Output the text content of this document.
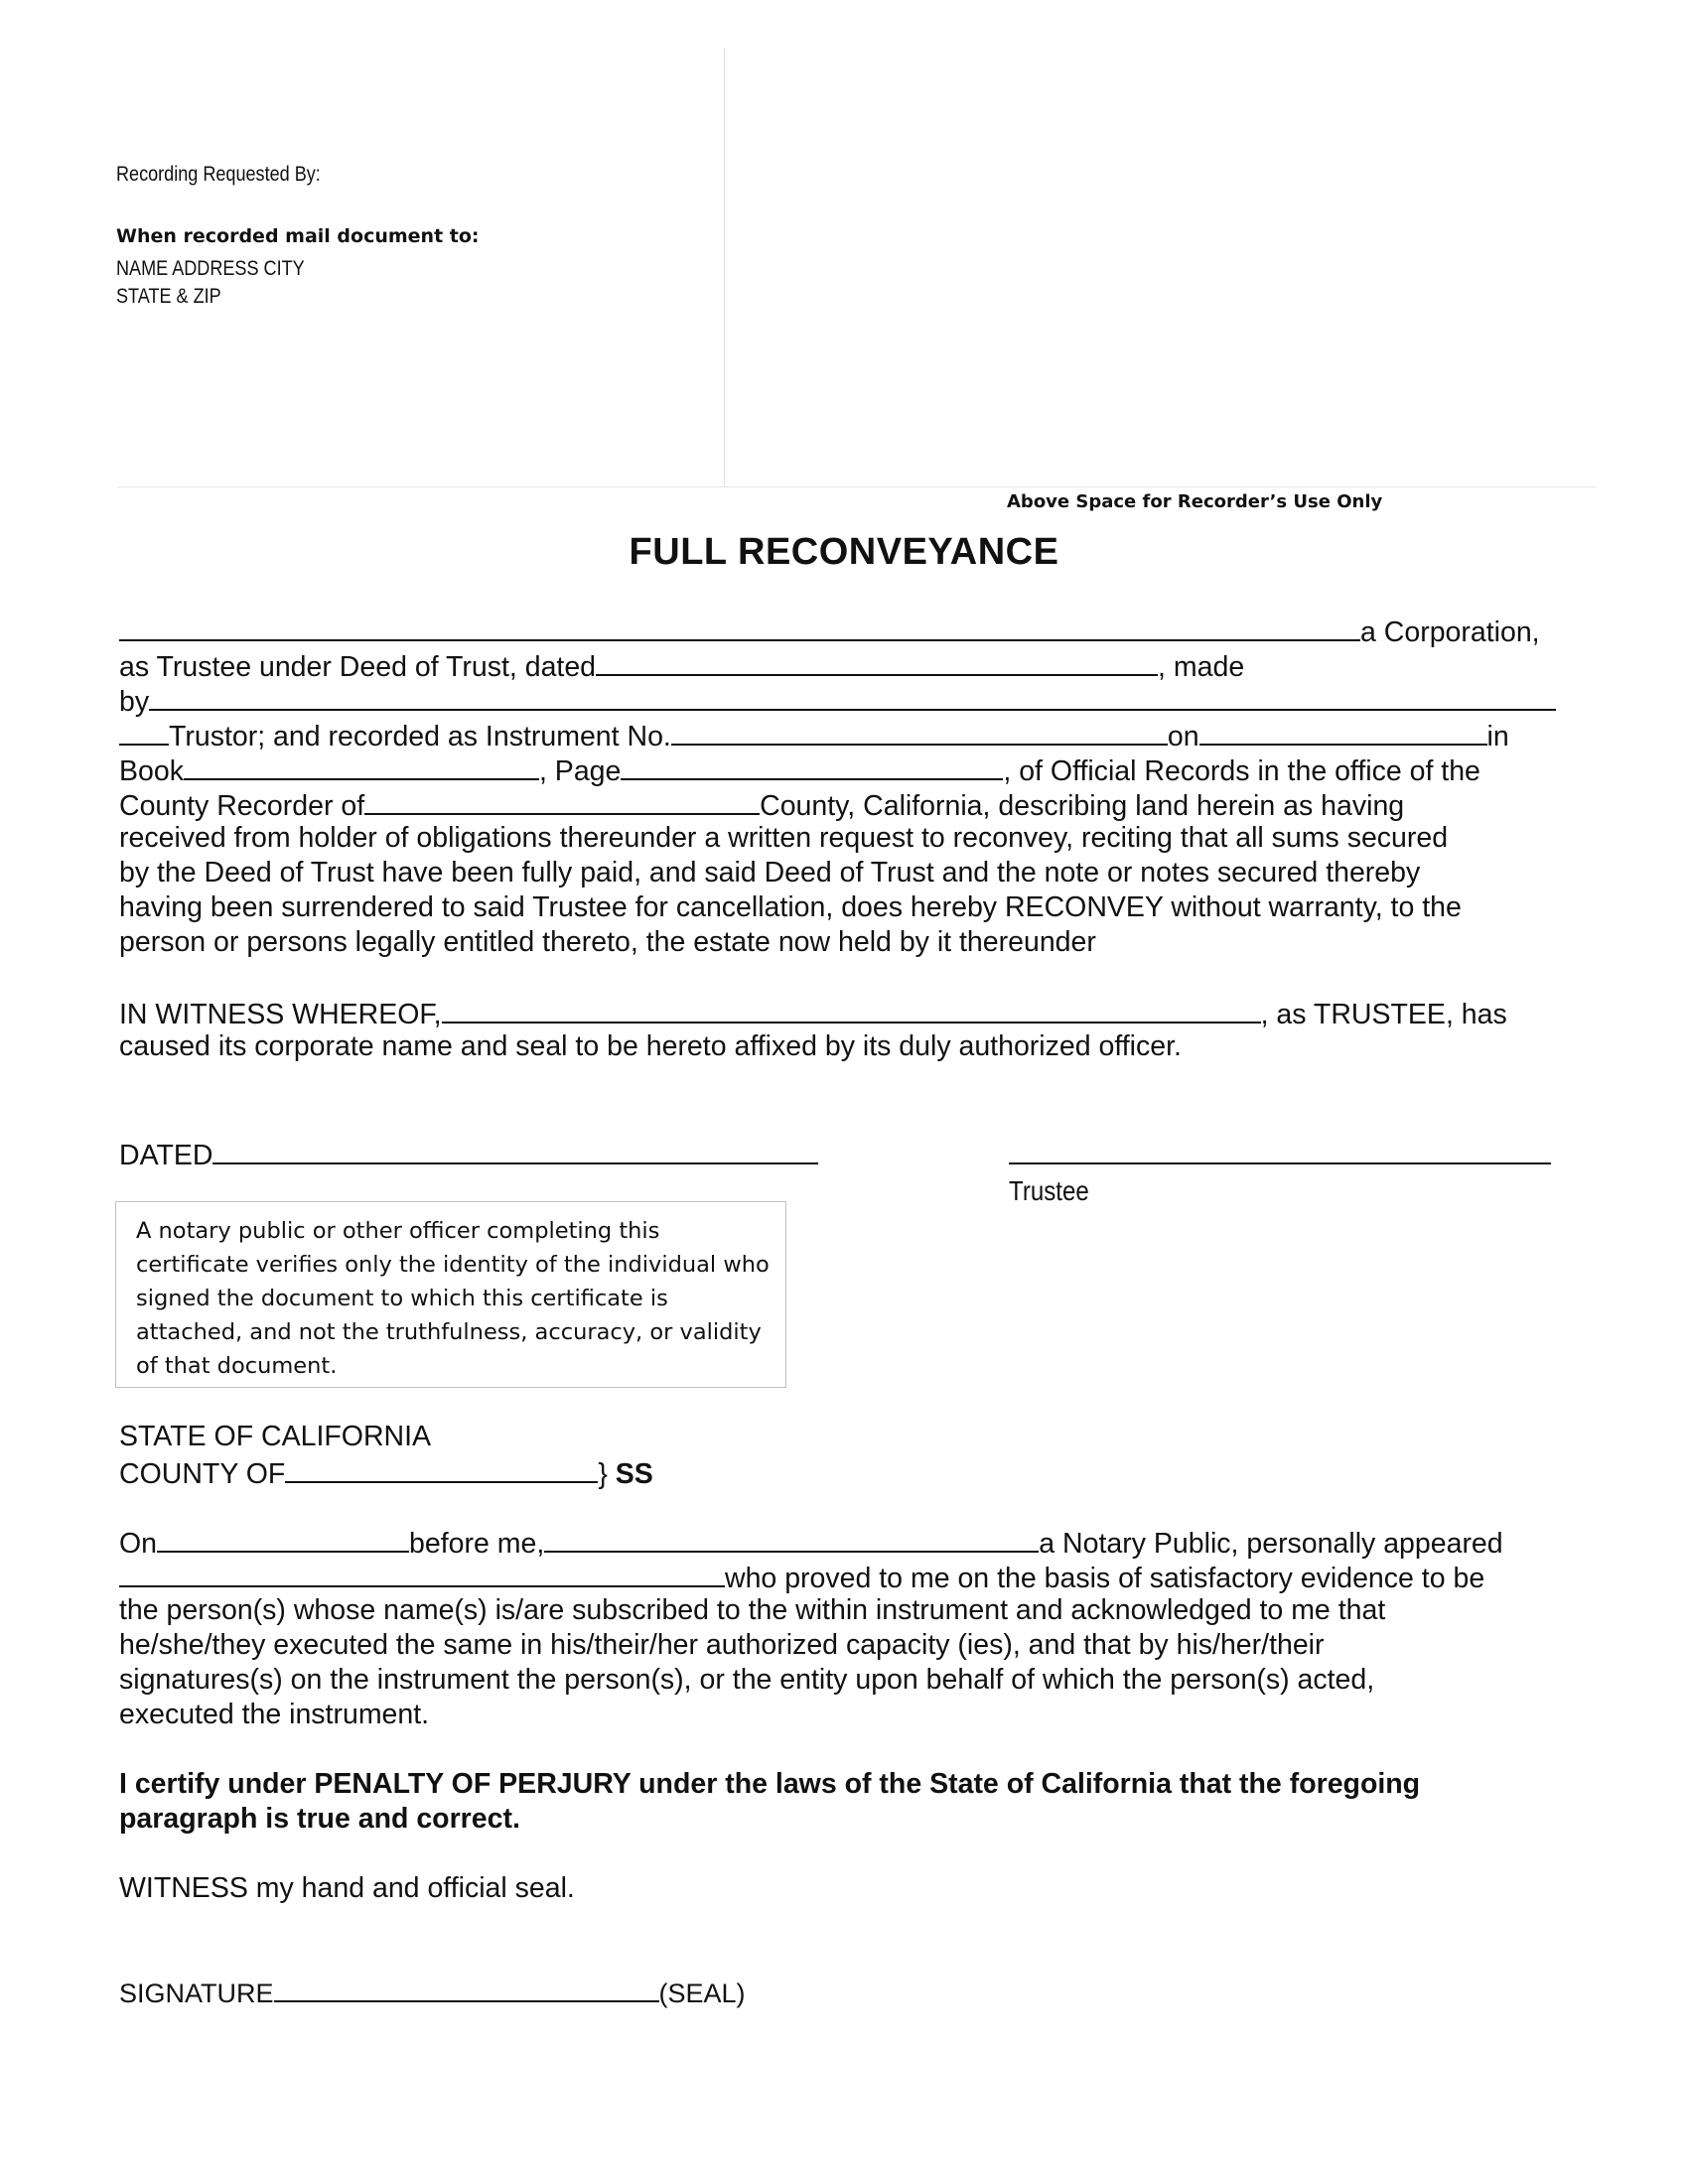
Recording Requested By:
When recorded mail document to:
NAME ADDRESS CITY
STATE & ZIP
Above Space for Recorder’s Use Only
FULL RECONVEYANCE
a Corporation,
as Trustee under Deed of Trust, dated	, made
by
Trustor; and recorded as Instrument No.	on	in
Book	, Page	, of Official Records in the office of the
County Recorder of	County, California, describing land herein as having
received from holder of obligations thereunder a written request to reconvey, reciting that all sums secured
by the Deed of Trust have been fully paid, and said Deed of Trust and the note or notes secured thereby
having been surrendered to said Trustee for cancellation, does hereby RECONVEY without warranty, to the
person or persons legally entitled thereto, the estate now held by it thereunder
IN WITNESS WHEREOF,	, as TRUSTEE, has
caused its corporate name and seal to be hereto affixed by its duly authorized officer.
DATED
Trustee
A notary public or other officer completing this
certificate verifies only the identity of the individual who
signed the document to which this certificate is
attached, and not the truthfulness, accuracy, or validity
of that document.
STATE OF CALIFORNIA
COUNTY OF	} SS
On	before me,	a Notary Public, personally appeared
who proved to me on the basis of satisfactory evidence to be
the person(s) whose name(s) is/are subscribed to the within instrument and acknowledged to me that
he/she/they executed the same in his/their/her authorized capacity (ies), and that by his/her/their
signatures(s) on the instrument the person(s), or the entity upon behalf of which the person(s) acted,
executed the instrument.
I certify under PENALTY OF PERJURY under the laws of the State of California that the foregoing
paragraph is true and correct.
WITNESS my hand and official seal.
SIGNATURE	(SEAL)
